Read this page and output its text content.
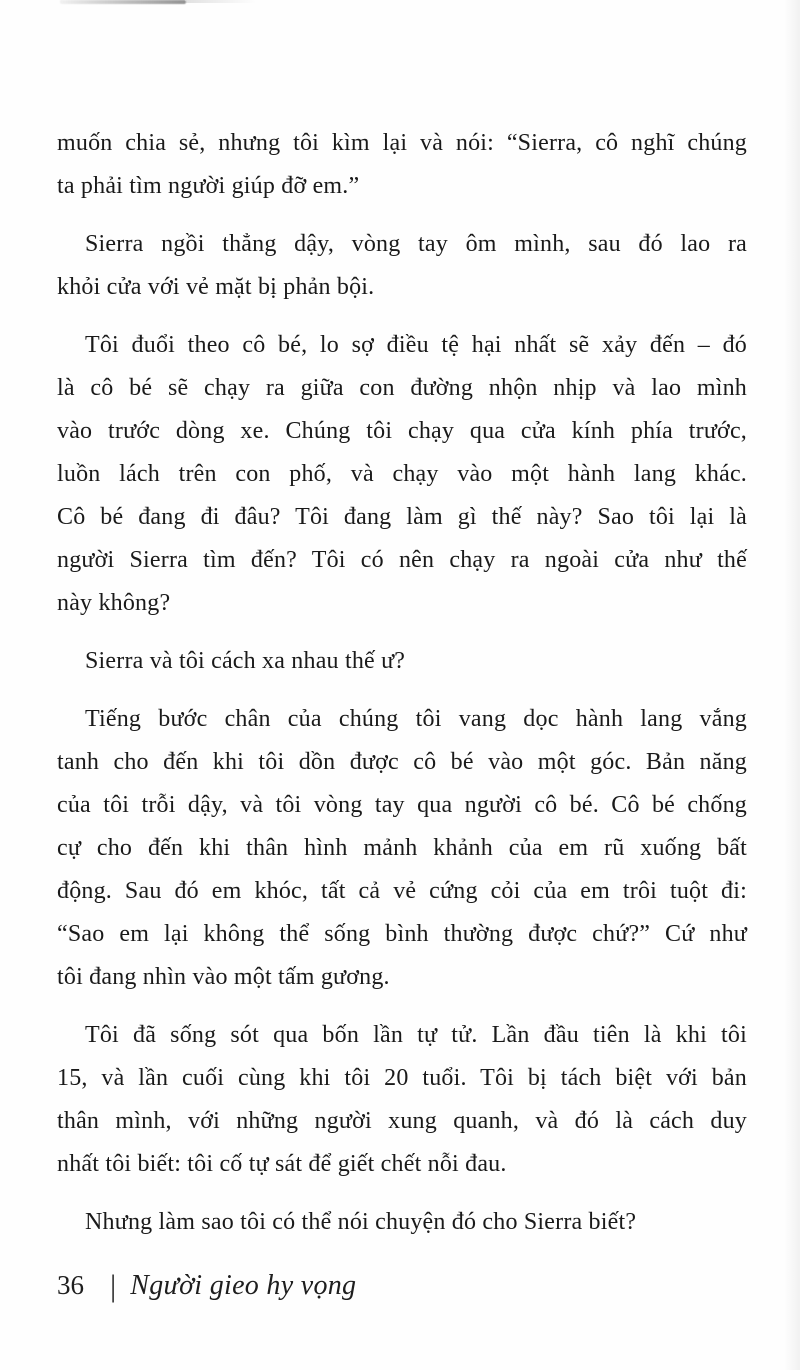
muốn chia sẻ, nhưng tôi kìm lại và nói: “Sierra, cô nghĩ chúng
ta phải tìm người giúp đỡ em.”
Sierra ngồi thẳng dậy, vòng tay ôm mình, sau đó lao ra
khỏi cửa với vẻ mặt bị phản bội.
Tôi đuổi theo cô bé, lo sợ điều tệ hại nhất sẽ xảy đến – đó
là cô bé sẽ chạy ra giữa con đường nhộn nhịp và lao mình
vào trước dòng xe. Chúng tôi chạy qua cửa kính phía trước,
luồn lách trên con phố, và chạy vào một hành lang khác.
Cô bé đang đi đâu? Tôi đang làm gì thế này? Sao tôi lại là
người Sierra tìm đến? Tôi có nên chạy ra ngoài cửa như thế
này không?
Sierra và tôi cách xa nhau thế ư?
Tiếng bước chân của chúng tôi vang dọc hành lang vắng
tanh cho đến khi tôi dồn được cô bé vào một góc. Bản năng
của tôi trỗi dậy, và tôi vòng tay qua người cô bé. Cô bé chống
cự cho đến khi thân hình mảnh khảnh của em rũ xuống bất
động. Sau đó em khóc, tất cả vẻ cứng cỏi của em trôi tuột đi:
“Sao em lại không thể sống bình thường được chứ?” Cứ như
tôi đang nhìn vào một tấm gương.
Tôi đã sống sót qua bốn lần tự tử. Lần đầu tiên là khi tôi
15, và lần cuối cùng khi tôi 20 tuổi. Tôi bị tách biệt với bản
thân mình, với những người xung quanh, và đó là cách duy
nhất tôi biết: tôi cố tự sát để giết chết nỗi đau.
Nhưng làm sao tôi có thể nói chuyện đó cho Sierra biết?
36 | Người gieo hy vọng
